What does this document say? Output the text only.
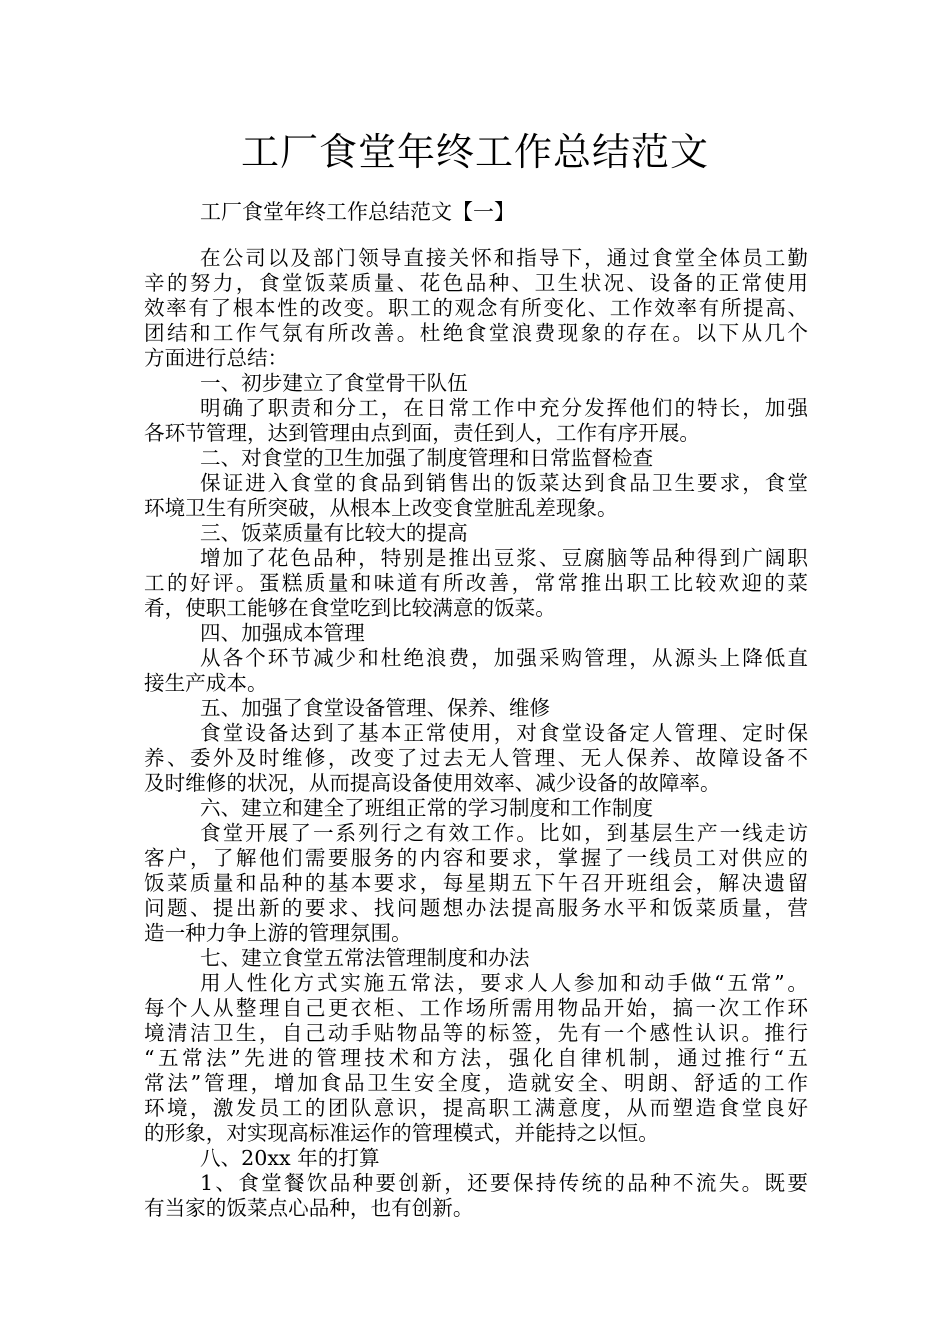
工厂食堂年终工作总结范文
工厂食堂年终工作总结范文【一】
在公司以及部门领导直接关怀和指导下，通过食堂全体员工勤
辛的努力，食堂饭菜质量、花色品种、卫生状况、设备的正常使用
效率有了根本性的改变。职工的观念有所变化、工作效率有所提高、
团结和工作气氛有所改善。杜绝食堂浪费现象的存在。以下从几个
方面进行总结：
一、初步建立了食堂骨干队伍
明确了职责和分工，在日常工作中充分发挥他们的特长，加强
各环节管理，达到管理由点到面，责任到人，工作有序开展。
二、对食堂的卫生加强了制度管理和日常监督检查
保证进入食堂的食品到销售出的饭菜达到食品卫生要求，食堂
环境卫生有所突破，从根本上改变食堂脏乱差现象。
三、饭菜质量有比较大的提高
增加了花色品种，特别是推出豆浆、豆腐脑等品种得到广阔职
工的好评。蛋糕质量和味道有所改善，常常推出职工比较欢迎的菜
肴，使职工能够在食堂吃到比较满意的饭菜。
四、加强成本管理
从各个环节减少和杜绝浪费，加强采购管理，从源头上降低直
接生产成本。
五、加强了食堂设备管理、保养、维修
食堂设备达到了基本正常使用，对食堂设备定人管理、定时保
养、委外及时维修，改变了过去无人管理、无人保养、故障设备不
及时维修的状况，从而提高设备使用效率、减少设备的故障率。
六、建立和建全了班组正常的学习制度和工作制度
食堂开展了一系列行之有效工作。比如，到基层生产一线走访
客户，了解他们需要服务的内容和要求，掌握了一线员工对供应的
饭菜质量和品种的基本要求，每星期五下午召开班组会，解决遗留
问题、提出新的要求、找问题想办法提高服务水平和饭菜质量，营
造一种力争上游的管理氛围。
七、建立食堂五常法管理制度和办法
用人性化方式实施五常法，要求人人参加和动手做“五常”。
每个人从整理自己更衣柜、工作场所需用物品开始，搞一次工作环
境清洁卫生，自己动手贴物品等的标签，先有一个感性认识。推行
“五常法”先进的管理技术和方法，强化自律机制，通过推行“五
常法”管理，增加食品卫生安全度，造就安全、明朗、舒适的工作
环境，激发员工的团队意识，提高职工满意度，从而塑造食堂良好
的形象，对实现高标准运作的管理模式，并能持之以恒。
八、20xx 年的打算
1、食堂餐饮品种要创新，还要保持传统的品种不流失。既要
有当家的饭菜点心品种，也有创新。
